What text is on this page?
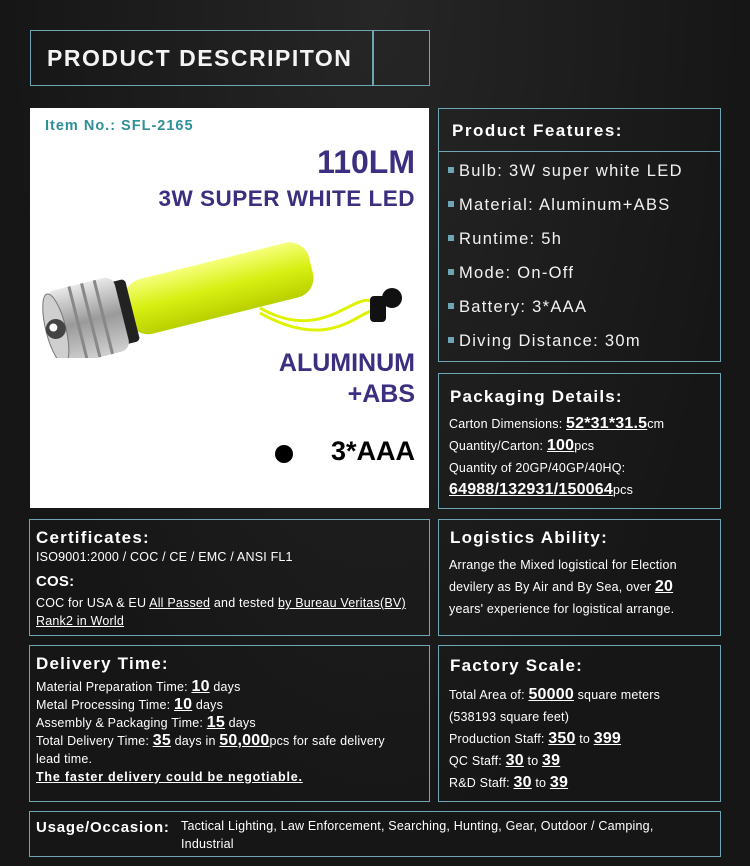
PRODUCT DESCRIPITON
Item No.: SFL-2165
110LM
3W SUPER WHITE LED
ALUMINUM
+ABS
3*AAA
Product Features:
Bulb: 3W super white LED
Material: Aluminum+ABS
Runtime: 5h
Mode: On-Off
Battery: 3*AAA
Diving Distance: 30m
Packaging Details:
Carton Dimensions: 52*31*31.5cm
Quantity/Carton: 100pcs
Quantity of 20GP/40GP/40HQ:
64988/132931/150064pcs
Certificates:
ISO9001:2000 / COC / CE / EMC / ANSI FL1
COS:
COC for USA & EU All Passed and tested by Bureau Veritas(BV)
Rank2 in World
Logistics Ability:
Arrange the Mixed logistical for Election
devilery as By Air and By Sea, over 20
years' experience for logistical arrange.
Delivery Time:
Material Preparation Time: 10 days
Metal Processing Time: 10 days
Assembly & Packaging Time: 15 days
Total Delivery Time: 35 days in 50,000pcs for safe delivery
lead time.
The faster delivery could be negotiable.
Factory Scale:
Total Area of: 50000 square meters
(538193 square feet)
Production Staff: 350 to 399
QC Staff: 30 to 39
R&D Staff: 30 to 39
Usage/Occasion: Tactical Lighting, Law Enforcement, Searching, Hunting, Gear, Outdoor / Camping,
Industrial
